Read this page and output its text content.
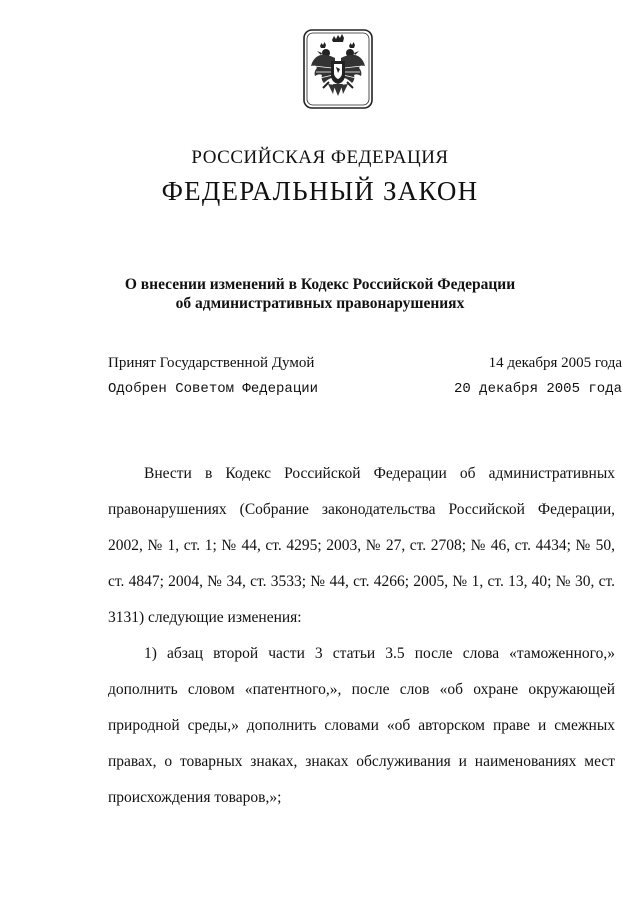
РОССИЙСКАЯ ФЕДЕРАЦИЯ
ФЕДЕРАЛЬНЫЙ ЗАКОН
О внесении изменений в Кодекс Российской Федерации
об административных правонарушениях
Принят Государственной Думой	14 декабря 2005 года
Одобрен Советом Федерации	20 декабря 2005 года

Внести в Кодекс Российской Федерации об административных правонарушениях (Собрание законодательства Российской Федерации, 2002, № 1, ст. 1; № 44, ст. 4295; 2003, № 27, ст. 2708; № 46, ст. 4434; № 50, ст. 4847; 2004, № 34, ст. 3533; № 44, ст. 4266; 2005, № 1, ст. 13, 40; № 30, ст. 3131) следующие изменения:

1) абзац второй части 3 статьи 3.5 после слова «таможенного,» дополнить словом «патентного,», после слов «об охране окружающей природной среды,» дополнить словами «об авторском праве и смежных правах, о товарных знаках, знаках обслуживания и наименованиях мест происхождения товаров,»;
